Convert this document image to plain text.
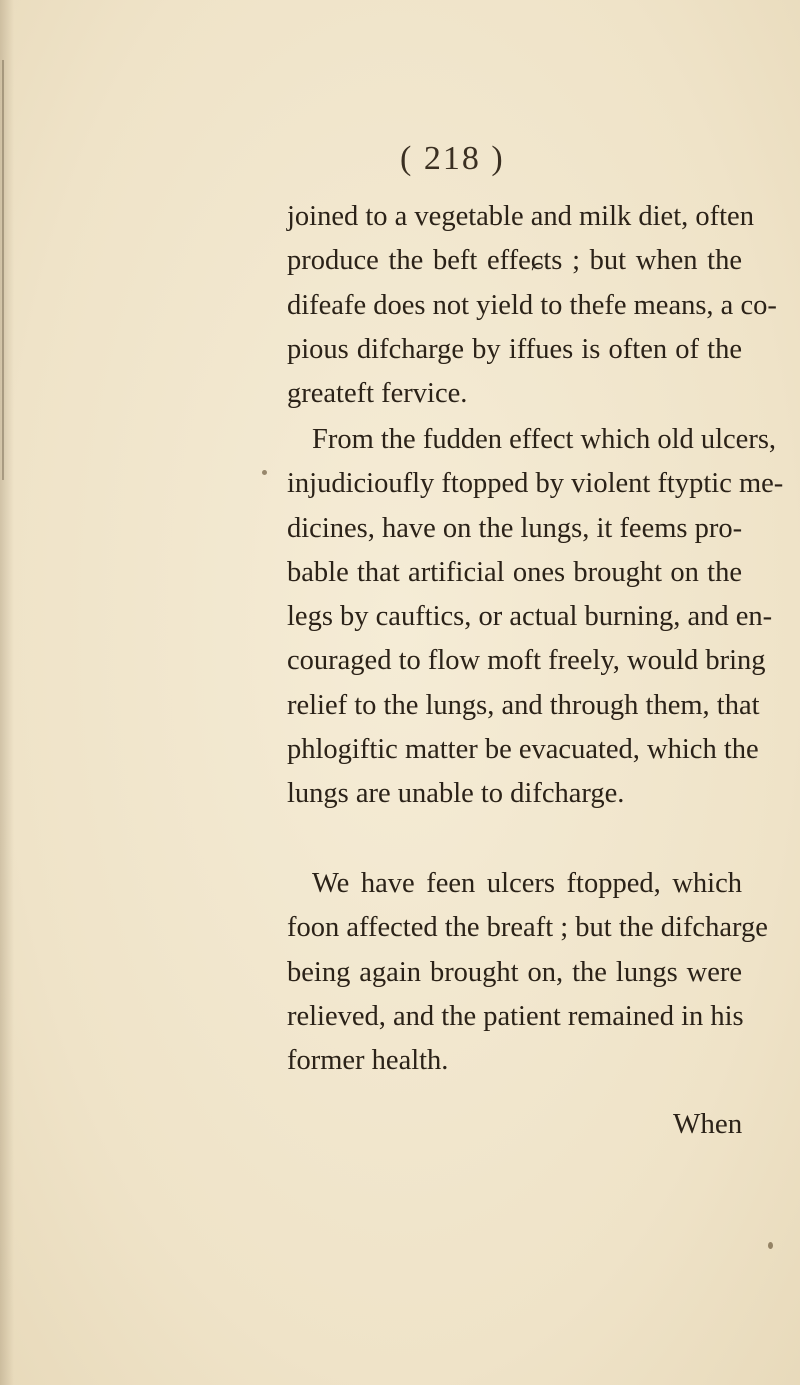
( 218 )
joined to a vegetable and milk diet, often
produce the beft effeɕts ; but when the
difeafe does not yield to thefe means, a co-
pious difcharge by iffues is often of the
greateft fervice.
From the fudden effect which old ulcers,
injudicioufly ftopped by violent ftyptic me-
dicines, have on the lungs, it feems pro-
bable that artificial ones brought on the
legs by cauftics, or actual burning, and en-
couraged to flow moft freely, would bring
relief to the lungs, and through them, that
phlogiftic matter be evacuated, which the
lungs are unable to difcharge.
We have feen ulcers ftopped, which
foon affected the breaft ; but the difcharge
being again brought on, the lungs were
relieved, and the patient remained in his
former health.
When
